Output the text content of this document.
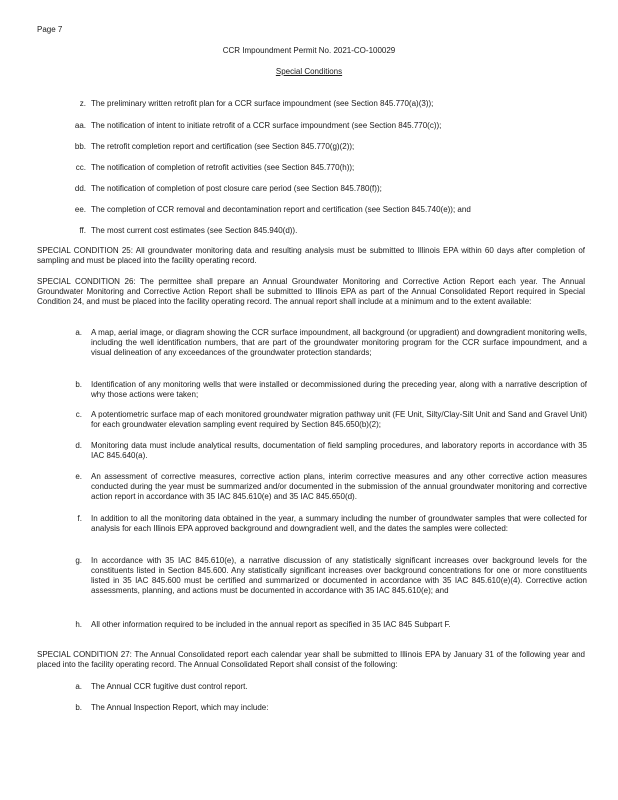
Page 7
CCR Impoundment Permit No. 2021-CO-100029
Special Conditions
z. The preliminary written retrofit plan for a CCR surface impoundment (see Section 845.770(a)(3));
aa. The notification of intent to initiate retrofit of a CCR surface impoundment (see Section 845.770(c));
bb. The retrofit completion report and certification (see Section 845.770(g)(2));
cc. The notification of completion of retrofit activities (see Section 845.770(h));
dd. The notification of completion of post closure care period (see Section 845.780(f));
ee. The completion of CCR removal and decontamination report and certification (see Section 845.740(e)); and
ff. The most current cost estimates (see Section 845.940(d)).
SPECIAL CONDITION 25: All groundwater monitoring data and resulting analysis must be submitted to Illinois EPA within 60 days after completion of sampling and must be placed into the facility operating record.
SPECIAL CONDITION 26: The permittee shall prepare an Annual Groundwater Monitoring and Corrective Action Report each year. The Annual Groundwater Monitoring and Corrective Action Report shall be submitted to Illinois EPA as part of the Annual Consolidated Report required in Special Condition 24, and must be placed into the facility operating record. The annual report shall include at a minimum and to the extent available:
a. A map, aerial image, or diagram showing the CCR surface impoundment, all background (or upgradient) and downgradient monitoring wells, including the well identification numbers, that are part of the groundwater monitoring program for the CCR surface impoundment, and a visual delineation of any exceedances of the groundwater protection standards;
b. Identification of any monitoring wells that were installed or decommissioned during the preceding year, along with a narrative description of why those actions were taken;
c. A potentiometric surface map of each monitored groundwater migration pathway unit (FE Unit, Silty/Clay-Silt Unit and Sand and Gravel Unit) for each groundwater elevation sampling event required by Section 845.650(b)(2);
d. Monitoring data must include analytical results, documentation of field sampling procedures, and laboratory reports in accordance with 35 IAC 845.640(a).
e. An assessment of corrective measures, corrective action plans, interim corrective measures and any other corrective action measures conducted during the year must be summarized and/or documented in the submission of the annual groundwater monitoring and corrective action report in accordance with 35 IAC 845.610(e) and 35 IAC 845.650(d).
f. In addition to all the monitoring data obtained in the year, a summary including the number of groundwater samples that were collected for analysis for each Illinois EPA approved background and downgradient well, and the dates the samples were collected:
g. In accordance with 35 IAC 845.610(e), a narrative discussion of any statistically significant increases over background levels for the constituents listed in Section 845.600. Any statistically significant increases over background concentrations for one or more constituents listed in 35 IAC 845.600 must be certified and summarized or documented in accordance with 35 IAC 845.610(e)(4). Corrective action assessments, planning, and actions must be documented in accordance with 35 IAC 845.610(e); and
h. All other information required to be included in the annual report as specified in 35 IAC 845 Subpart F.
SPECIAL CONDITION 27: The Annual Consolidated report each calendar year shall be submitted to Illinois EPA by January 31 of the following year and placed into the facility operating record. The Annual Consolidated Report shall consist of the following:
a. The Annual CCR fugitive dust control report.
b. The Annual Inspection Report, which may include:
